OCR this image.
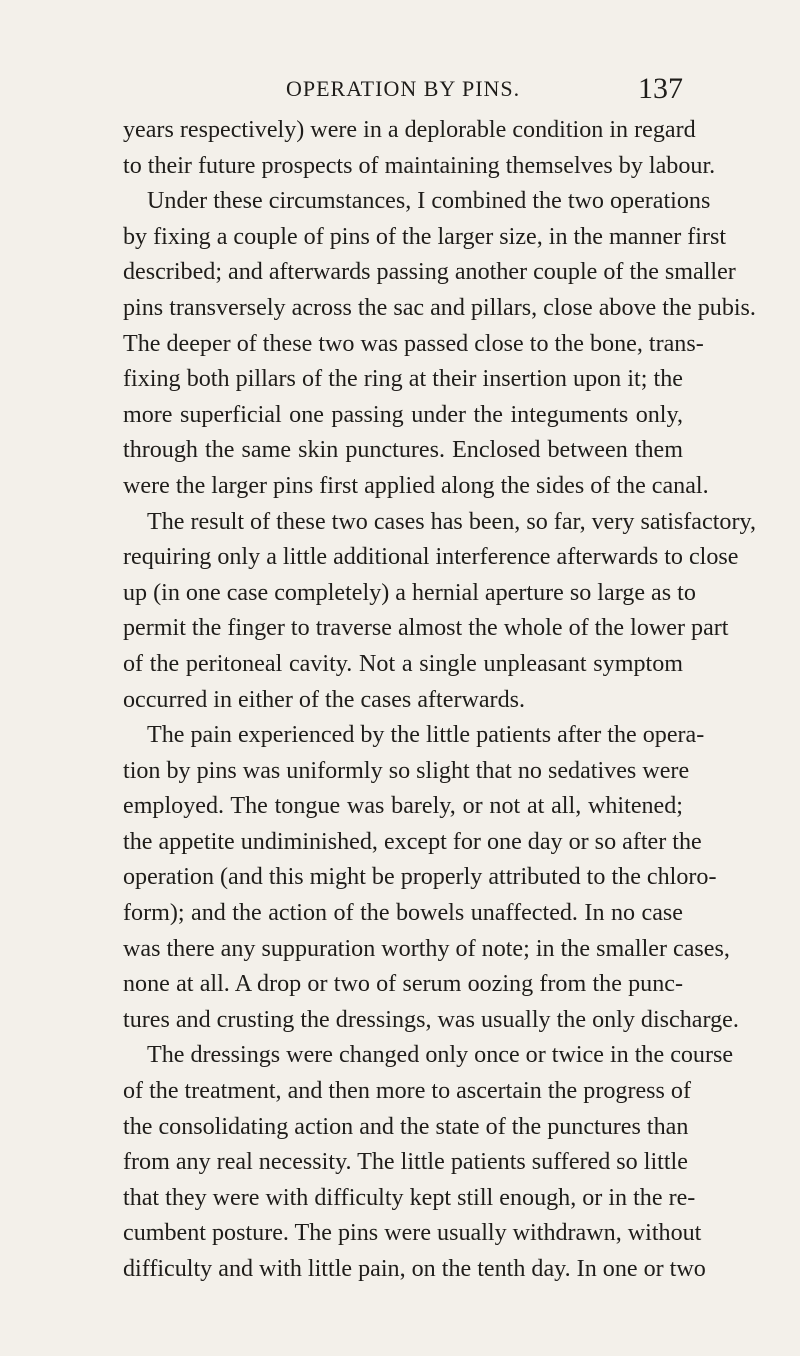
OPERATION BY PINS.	137
years respectively) were in a deplorable condition in regard
to their future prospects of maintaining themselves by labour.
Under these circumstances, I combined the two operations
by fixing a couple of pins of the larger size, in the manner first
described; and afterwards passing another couple of the smaller
pins transversely across the sac and pillars, close above the pubis.
The deeper of these two was passed close to the bone, trans-
fixing both pillars of the ring at their insertion upon it; the
more superficial one passing under the integuments only,
through the same skin punctures. Enclosed between them
were the larger pins first applied along the sides of the canal.
The result of these two cases has been, so far, very satisfactory,
requiring only a little additional interference afterwards to close
up (in one case completely) a hernial aperture so large as to
permit the finger to traverse almost the whole of the lower part
of the peritoneal cavity. Not a single unpleasant symptom
occurred in either of the cases afterwards.
The pain experienced by the little patients after the opera-
tion by pins was uniformly so slight that no sedatives were
employed. The tongue was barely, or not at all, whitened;
the appetite undiminished, except for one day or so after the
operation (and this might be properly attributed to the chloro-
form); and the action of the bowels unaffected. In no case
was there any suppuration worthy of note; in the smaller cases,
none at all. A drop or two of serum oozing from the punc-
tures and crusting the dressings, was usually the only discharge.
The dressings were changed only once or twice in the course
of the treatment, and then more to ascertain the progress of
the consolidating action and the state of the punctures than
from any real necessity. The little patients suffered so little
that they were with difficulty kept still enough, or in the re-
cumbent posture. The pins were usually withdrawn, without
difficulty and with little pain, on the tenth day. In one or two
